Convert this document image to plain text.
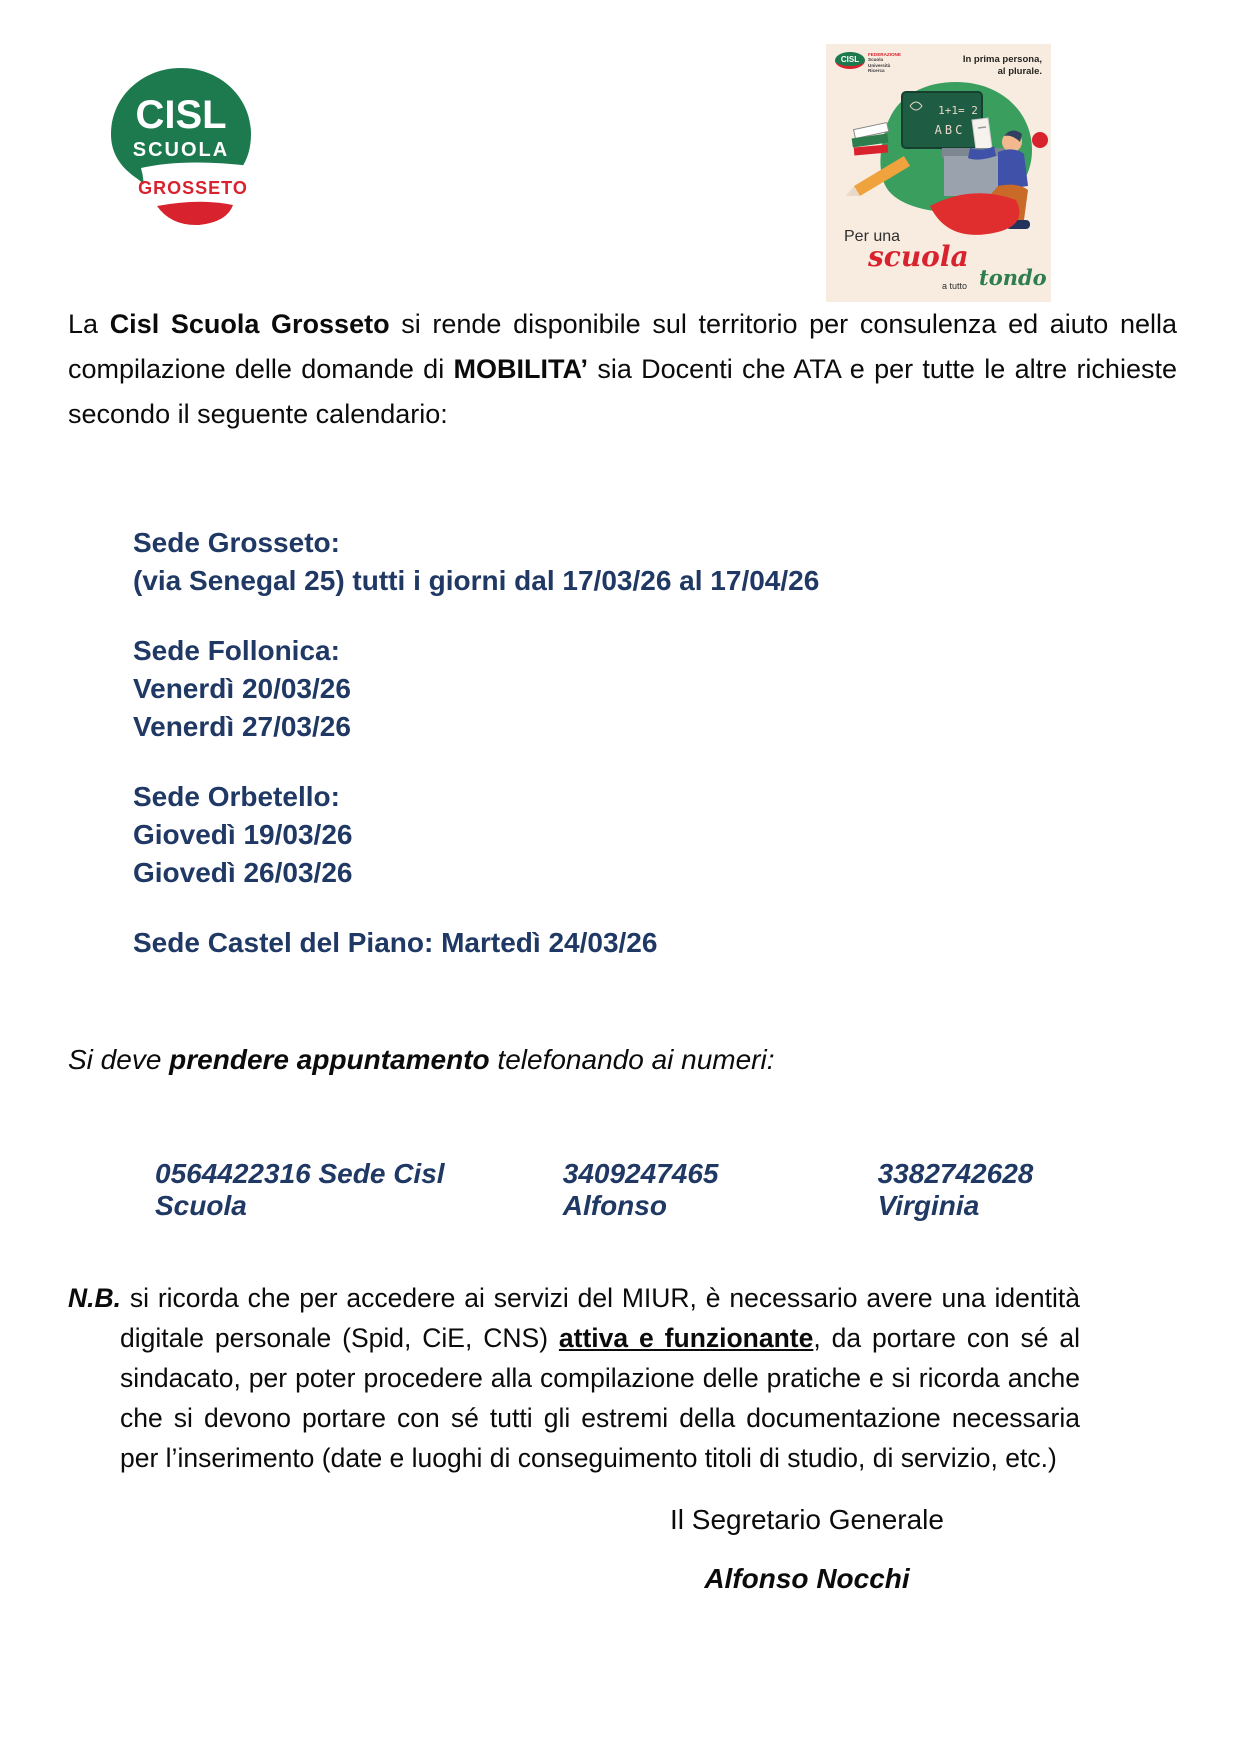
CISL
SCUOLA
GROSSETO
CISL
FEDERAZIONE
Scuola
Università
Ricerca
In prima persona,
al plurale.
1+1= 2
ABC
Per una
scuola
a tutto tondo

La Cisl Scuola Grosseto si rende disponibile sul territorio per consulenza ed aiuto nella compilazione delle domande di MOBILITA’ sia Docenti che ATA e per tutte le altre richieste secondo il seguente calendario:

Sede Grosseto:
(via Senegal 25) tutti i giorni dal 17/03/26 al 17/04/26
Sede Follonica:
Venerdì 20/03/26
Venerdì 27/03/26
Sede Orbetello:
Giovedì 19/03/26
Giovedì 26/03/26
Sede Castel del Piano: Martedì 24/03/26

Si deve prendere appuntamento telefonando ai numeri:

0564422316 Sede Cisl Scuola
3409247465 Alfonso
3382742628 Virginia

N.B. si ricorda che per accedere ai servizi del MIUR, è necessario avere una identità digitale personale (Spid, CiE, CNS) attiva e funzionante, da portare con sé al sindacato, per poter procedere alla compilazione delle pratiche e si ricorda anche che si devono portare con sé tutti gli estremi della documentazione necessaria per l’inserimento (date e luoghi di conseguimento titoli di studio, di servizio, etc.)

Il Segretario Generale
Alfonso Nocchi
